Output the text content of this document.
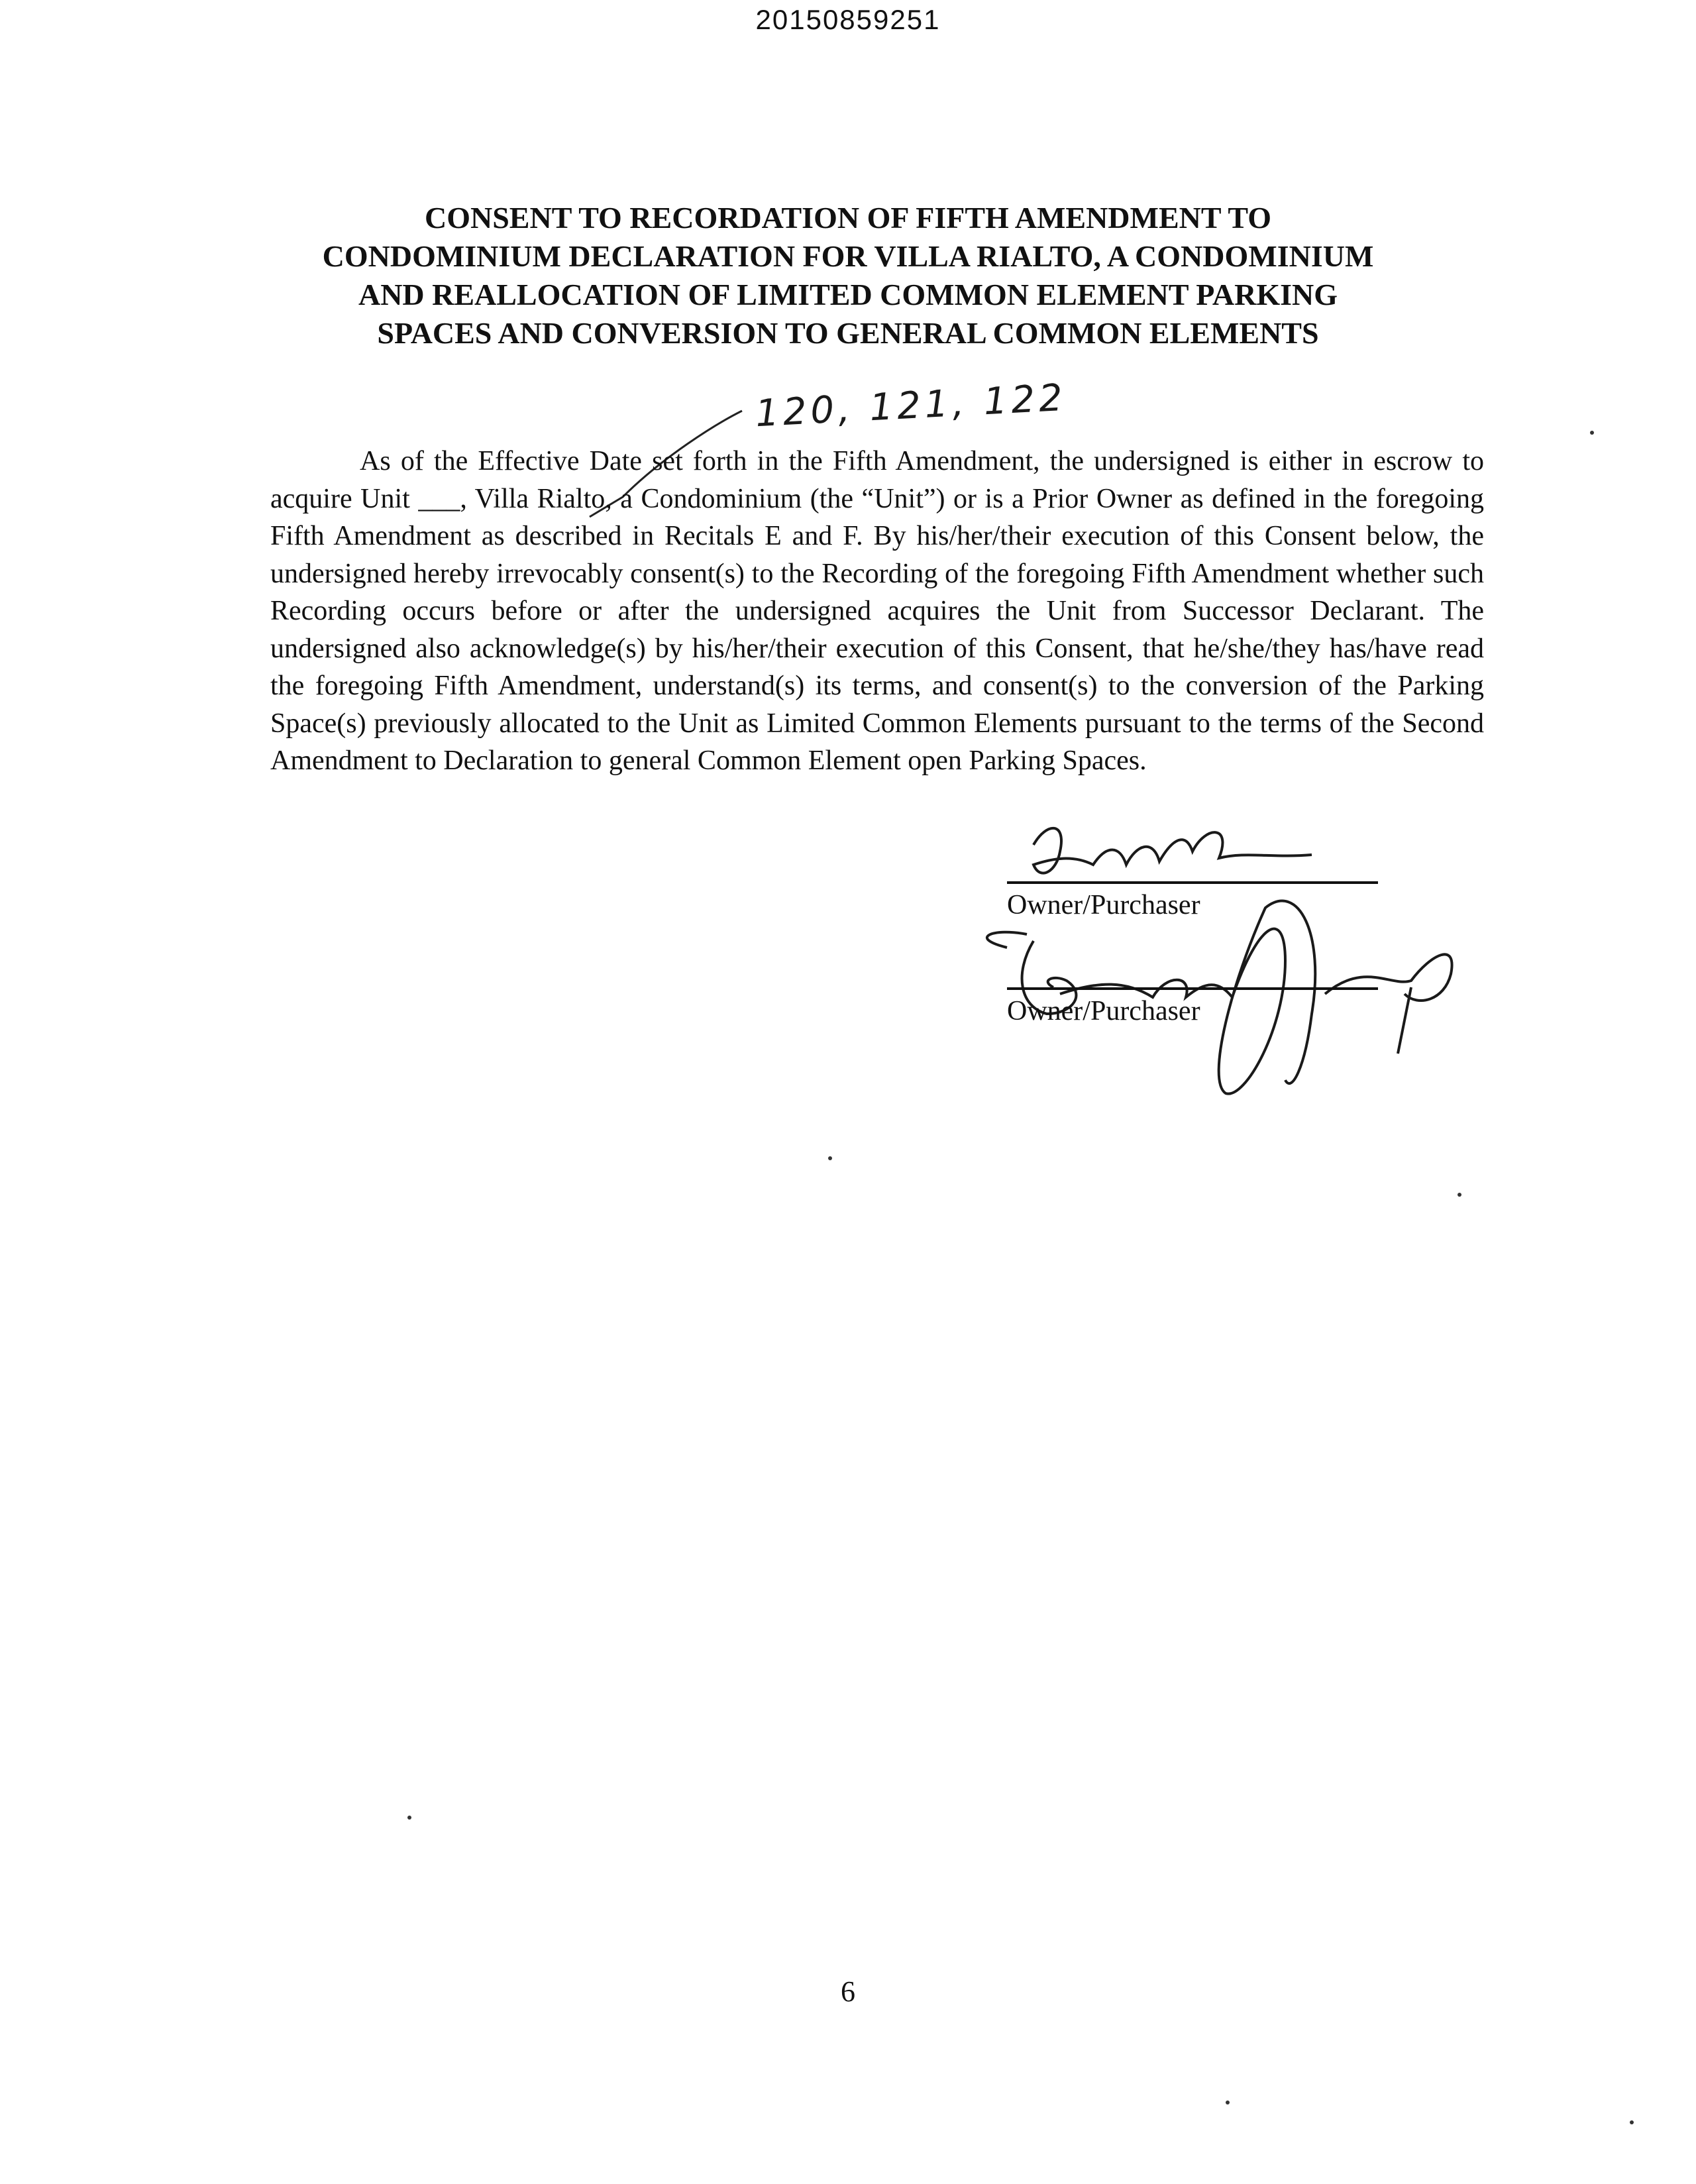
20150859251
CONSENT TO RECORDATION OF FIFTH AMENDMENT TO
CONDOMINIUM DECLARATION FOR VILLA RIALTO, A CONDOMINIUM
AND REALLOCATION OF LIMITED COMMON ELEMENT PARKING
SPACES AND CONVERSION TO GENERAL COMMON ELEMENTS
120, 121, 122
As of the Effective Date set forth in the Fifth Amendment, the undersigned is either in escrow to acquire Unit ___, Villa Rialto, a Condominium (the “Unit”) or is a Prior Owner as defined in the foregoing Fifth Amendment as described in Recitals E and F. By his/her/their execution of this Consent below, the undersigned hereby irrevocably consent(s) to the Recording of the foregoing Fifth Amendment whether such Recording occurs before or after the undersigned acquires the Unit from Successor Declarant. The undersigned also acknowledge(s) by his/her/their execution of this Consent, that he/she/they has/have read the foregoing Fifth Amendment, understand(s) its terms, and consent(s) to the conversion of the Parking Space(s) previously allocated to the Unit as Limited Common Elements pursuant to the terms of the Second Amendment to Declaration to general Common Element open Parking Spaces.
Owner/Purchaser
Owner/Purchaser
6
